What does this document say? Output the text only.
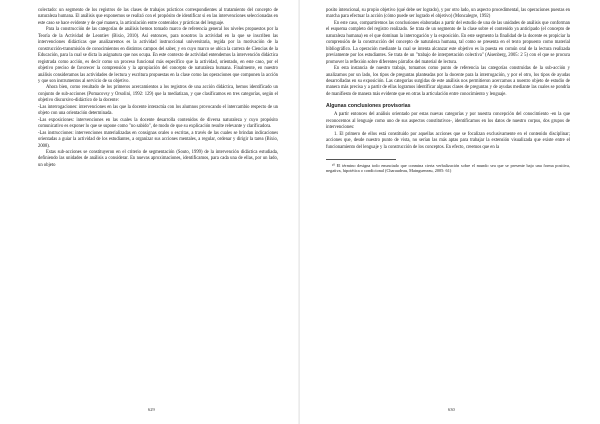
colectado: un segmento de los registros de las clases de trabajos prácticos correspondientes al tratamiento del concepto de naturaleza humana. El análisis que exponemos se realizó con el propósito de identificar si en las intervenciones seleccionadas en este caso se hace evidente y de qué manera, la articulación entre contenidos y prácticas del lenguaje.

Para la construcción de las categorías de análisis hemos tomado marco de referencia general los niveles propuestos por la Teoría de la Actividad de Leontiev (Bixio, 2010). Así entonces, para nosotros la actividad en la que se inscriben las intervenciones didácticas que analizaremos es la actividad instruccional universitaria, regida por la motivación de la construcción-transmisión de conocimientos en distintos campos del saber, y en cuyo marco se ubica la carrera de Ciencias de la Educación, para la cual se dicta la asignatura que nos ocupa. En este contexto de actividad entendemos la intervención didáctica registrada como acción, es decir como un proceso funcional más específico que la actividad, orientado, en este caso, por el objetivo preciso de favorecer la comprensión y la apropiación del concepto de naturaleza humana. Finalmente, en nuestro análisis consideramos las actividades de lectura y escritura propuestas en la clase como las operaciones que componen la acción y que son instrumentos al servicio de su objetivo.

Ahora bien, como resultado de los primeros acercamientos a los registros de una acción didáctica, hemos identificado un conjunto de sub-acciones (Pomacovsy y Orsolini, 1992: 129) que la mediatizan, y que clasificamos en tres categorías, según el objetivo discursivo-didáctico de la docente:

-Las interrogaciones: intervenciones en las que la docente interactúa con los alumnos provocando el intercambio respecto de un objeto con una orientación determinada.

-Las exposiciones: intervenciones en las cuales la docente desarrolla contenidos de diversa naturaleza y cuyo propósito comunicativo es exponer lo que se supone como "no sabido", de modo de que su explicación resulte relevante y clarificadora.

-Las instrucciones: intervenciones materializadas en consignas orales o escritas, a través de las cuales se brindan indicaciones orientadas a guiar la actividad de los estudiantes, a organizar sus acciones mentales, a regular, ordenar y dirigir la tarea (Bixio, 2008).

Estas sub-acciones se constituyeron en el criterio de segmentación (Souto, 1999) de la intervención didáctica estudiada, definiendo las unidades de análisis a considerar. En nuevas aproximaciones, identificamos, para cada una de ellas, por un lado, un objeto

629

posito intencional, su propio objetivo (qué debe ser logrado), y por otro lado, un aspecto procedimental, las operaciones puestas en marcha para efectuar la acción (cómo puede ser logrado el objetivo) (Moncalegre, 1992)

En este caso, compartiremos las conclusiones elaboradas a partir del estudio de una de las unidades de análisis que conforman el esquema completo del registro realizado. Se trata de un segmento de la clase sobre el contenido ya anticipado (el concepto de naturaleza humana) en el que dominan la interrogación y la exposición. En este segmento la finalidad de la docente es propiciar la comprensión de la construcción del concepto de naturaleza humana, tal como se presenta en el texto propuesto como material bibliográfico. La operación mediante la cual se intenta alcanzar este objetivo es la puesta en común oral de la lectura realizada previamente por los estudiantes. Se trata de un "trabajo de interpretación colectiva" (Aisenberg, 2005: 2 5) con el que se procura promover la reflexión sobre diferentes párrafos del material de lectura.

En esta instancia de nuestro trabajo, tomamos como punto de referencia las categorías construidas de la sub-acción y analizamos por un lado, los tipos de preguntas planteadas por la docente para la interrogación, y por el otro, los tipos de ayudas desarrolladas en su exposición. Las categorías surgidas de este análisis nos permitieron acercarnos a nuestro objeto de estudio de manera más precisa y a partir de ellas logramos identificar algunas clases de preguntas y de ayudas mediante las cuales se pondría de manifiesto de manera más evidente que en otras la articulación entre conocimiento y lenguaje.

Algunas conclusiones provisorias

A partir entonces del análisis orientado por estas nuevas categorías y por nuestra concepción del conocimiento -en la que reconocemos al lenguaje como uno de sus aspectos constitutivos-, identificamos en los datos de nuestro corpus, dos grupos de intervenciones:

1. El primero de ellos está constituido por aquellas acciones que se focalizan exclusivamente en el contenido disciplinar; acciones que, desde nuestro punto de vista, no serían las más aptas para trabajar la extensión visualizada que existe entre el funcionamiento del lenguaje y la construcción de los conceptos. En efecto, creemos que en la

¹⁰ El término designa todo enunciado que conmina cierta verbalización sobre el mundo sea que se presente bajo una forma positiva, negativa, hipotética o condicional (Charaudeau, Maingueneau, 2005: 61)

630
